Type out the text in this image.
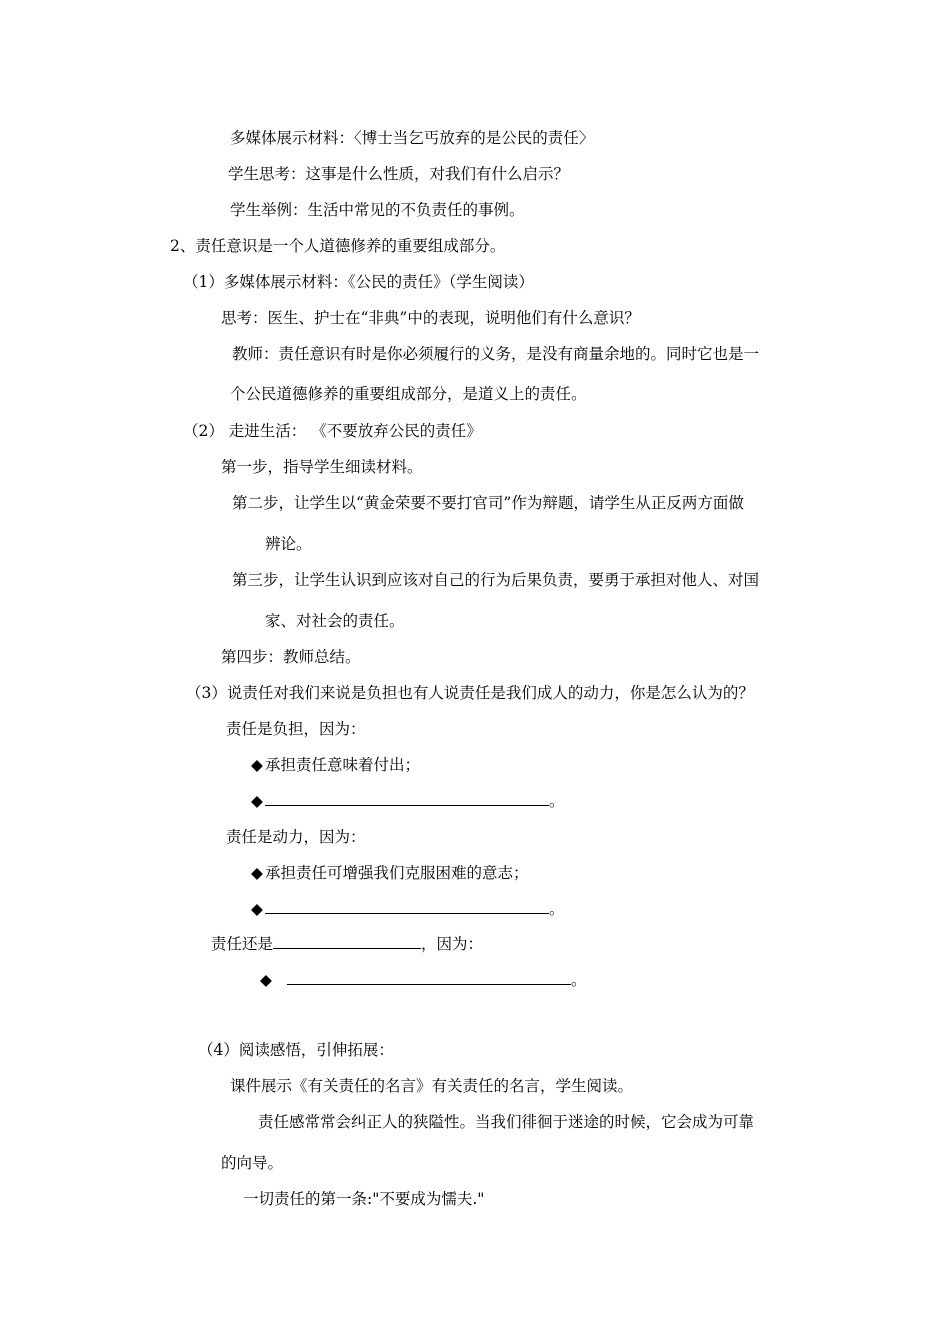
多媒体展示材料：〈博士当乞丐放弃的是公民的责任〉
学生思考：这事是什么性质，对我们有什么启示？
学生举例：生活中常见的不负责任的事例。
2、责任意识是一个人道德修养的重要组成部分。
（1）多媒体展示材料：《公民的责任》（学生阅读）
思考：医生、护士在“非典”中的表现，说明他们有什么意识？
教师：责任意识有时是你必须履行的义务，是没有商量余地的。同时它也是一
个公民道德修养的重要组成部分，是道义上的责任。
（2） 走进生活： 《不要放弃公民的责任》
第一步，指导学生细读材料。
第二步，让学生以“黄金荣要不要打官司”作为辩题，请学生从正反两方面做
辨论。
第三步，让学生认识到应该对自己的行为后果负责，要勇于承担对他人、对国
家、对社会的责任。
第四步：教师总结。
（3）说责任对我们来说是负担也有人说责任是我们成人的动力，你是怎么认为的？
责任是负担，因为：
◆ 承担责任意味着付出；
◆	。
责任是动力，因为：
◆ 承担责任可增强我们克服困难的意志；
◆	。
责任还是	，因为：
◆	。
（4）阅读感悟，引伸拓展：
课件展示《有关责任的名言》有关责任的名言，学生阅读。
责任感常常会纠正人的狭隘性。当我们徘徊于迷途的时候，它会成为可靠
的向导。
一切责任的第一条:"不要成为懦夫."
